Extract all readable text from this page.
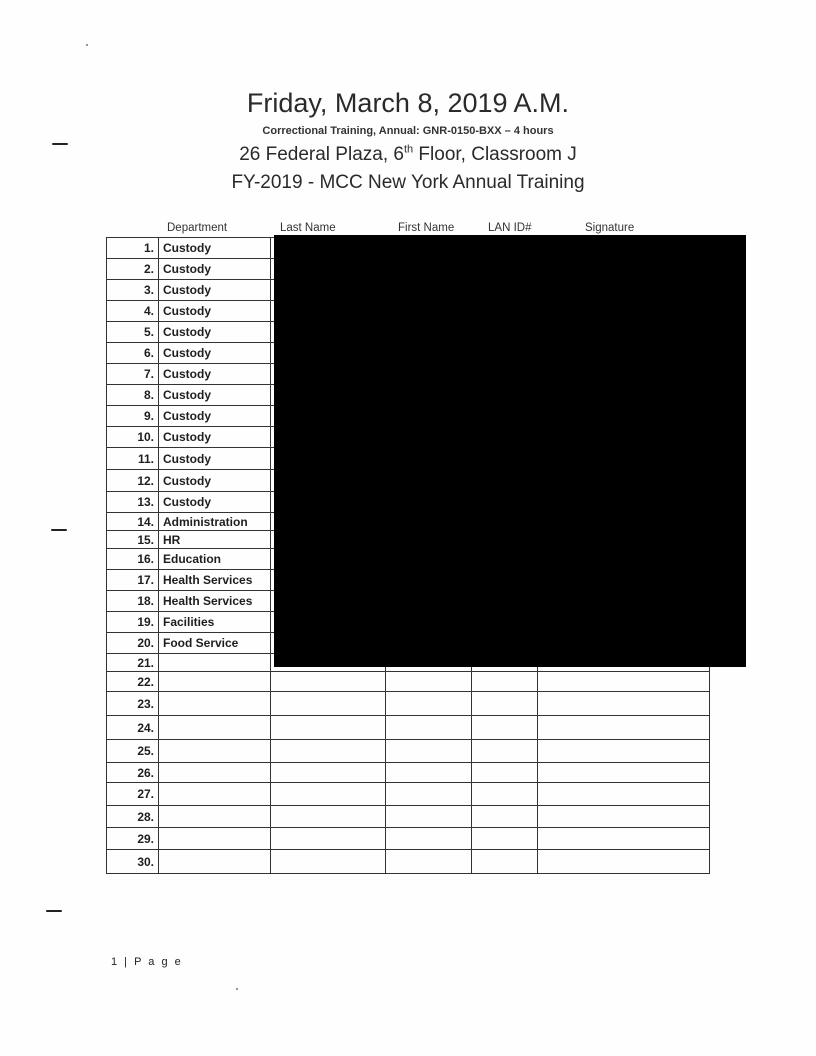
Friday, March 8, 2019 A.M.
Correctional Training, Annual: GNR-0150-BXX – 4 hours
26 Federal Plaza, 6th Floor, Classroom J
FY-2019 - MCC New York Annual Training
Department	Last Name	First Name	LAN ID#	Signature
1.	Custody				
2.	Custody				
3.	Custody				
4.	Custody				
5.	Custody				
6.	Custody				
7.	Custody				
8.	Custody				
9.	Custody				
10.	Custody				
11.	Custody				
12.	Custody				
13.	Custody				
14.	Administration				
15.	HR				
16.	Education				
17.	Health Services				
18.	Health Services				
19.	Facilities				
20.	Food Service				
21.					
22.					
23.					
24.					
25.					
26.					
27.					
28.					
29.					
30.					
1 | P a g e
